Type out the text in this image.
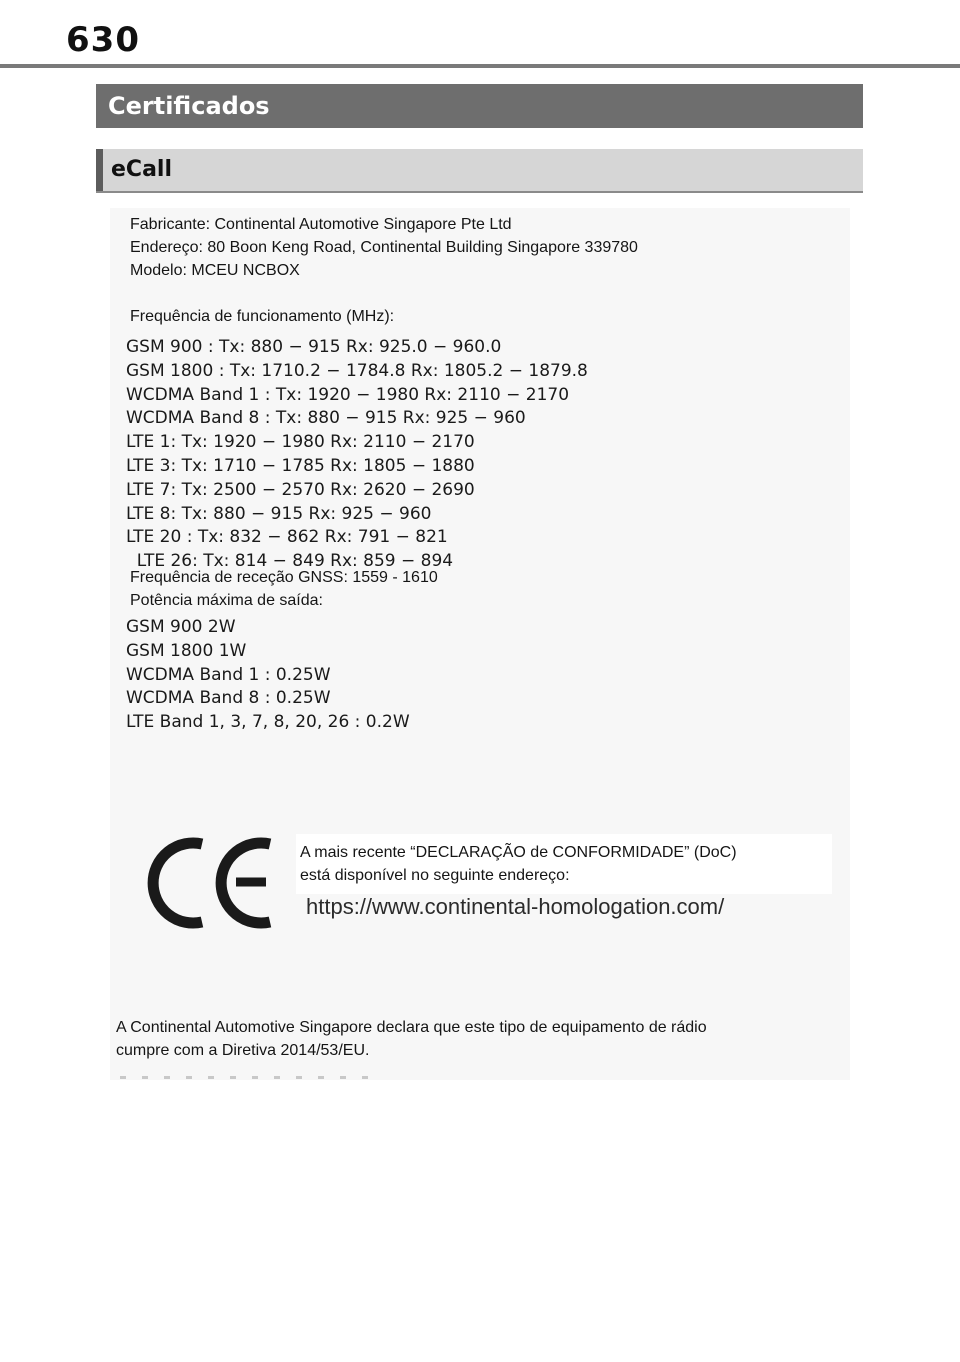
630
Certificados
eCall
Fabricante: Continental Automotive Singapore Pte Ltd
Endereço: 80 Boon Keng Road, Continental Building Singapore 339780
Modelo: MCEU NCBOX
Frequência de funcionamento (MHz):
GSM 900 : Tx: 880 − 915 Rx: 925.0 − 960.0
GSM 1800 : Tx: 1710.2 − 1784.8 Rx: 1805.2 − 1879.8
WCDMA Band 1 : Tx: 1920 − 1980 Rx: 2110 − 2170
WCDMA Band 8 : Tx: 880 − 915 Rx: 925 − 960
LTE 1: Tx: 1920 − 1980 Rx: 2110 − 2170
LTE 3: Tx: 1710 − 1785 Rx: 1805 − 1880
LTE 7: Tx: 2500 − 2570 Rx: 2620 − 2690
LTE 8: Tx: 880 − 915 Rx: 925 − 960
LTE 20 : Tx: 832 − 862 Rx: 791 − 821
LTE 26: Tx: 814 − 849 Rx: 859 − 894
Frequência de receção GNSS: 1559 - 1610
Potência máxima de saída:
GSM 900 2W
GSM 1800 1W
WCDMA Band 1 : 0.25W
WCDMA Band 8 : 0.25W
LTE Band 1, 3, 7, 8, 20, 26 : 0.2W
A mais recente “DECLARAÇÃO de CONFORMIDADE” (DoC)
está disponível no seguinte endereço:
https://www.continental-homologation.com/
A Continental Automotive Singapore declara que este tipo de equipamento de rádio
cumpre com a Diretiva 2014/53/EU.
